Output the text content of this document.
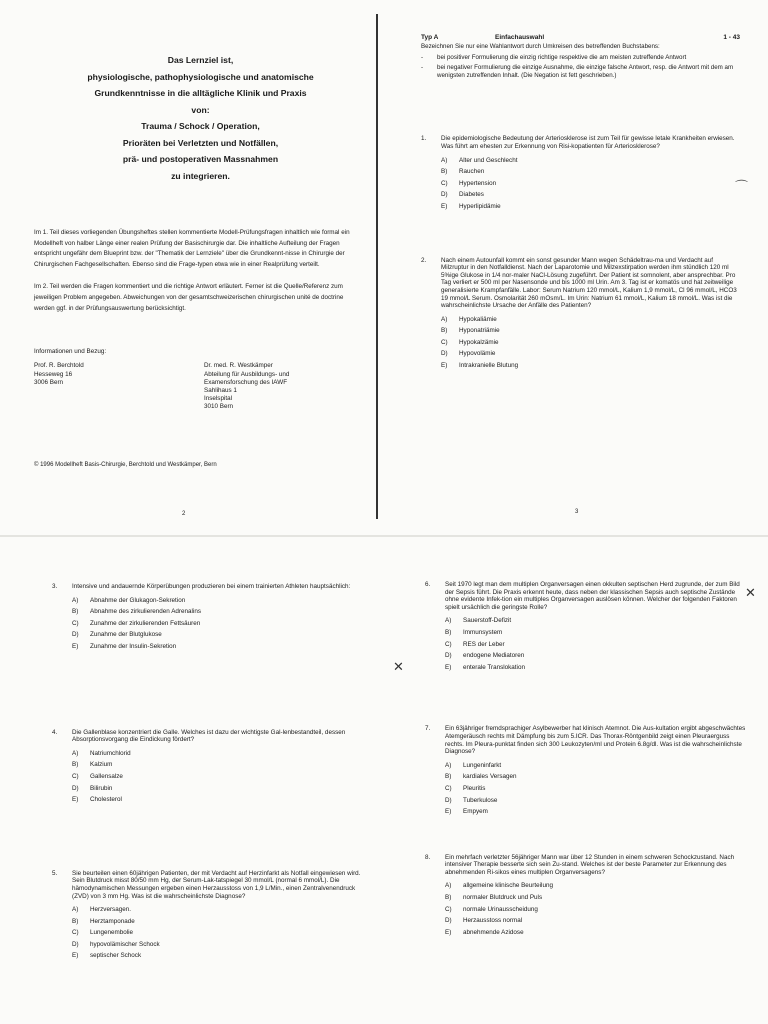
Das Lernziel ist,
physiologische, pathophysiologische und anatomische
Grundkenntnisse in die alltägliche Klinik und Praxis
von:
Trauma / Schock / Operation,
Prioräten bei Verletzten und Notfällen,
prä- und postoperativen Massnahmen
zu integrieren.

Im 1. Teil dieses vorliegenden Übungsheftes stellen kommentierte Modell-Prüfungsfragen inhaltlich wie formal ein Modellheft von halber Länge einer realen Prüfung der Basischirurgie dar. Die inhaltliche Aufteilung der Fragen entspricht ungefähr dem Blueprint bzw. der "Thematik der Lernziele" über die Grundkennt-nisse in Chirurgie der Chirurgischen Fachgesellschaften. Ebenso sind die Frage-typen etwa wie in einer Realprüfung verteilt.

Im 2. Teil werden die Fragen kommentiert und die richtige Antwort erläutert. Ferner ist die Quelle/Referenz zum jeweiligen Problem angegeben. Abweichungen von der gesamtschweizerischen chirurgischen unité de doctrine werden ggf. in der Prüfungsauswertung berücksichtigt.

Informationen und Bezug:
Prof. R. Berchtold
Hesseweg 16
3006 Bern
Dr. med. R. Westkämper
Abteilung für Ausbildungs- und
Examensforschung des IAWF
Sahlihaus 1
Inselspital
3010 Bern
© 1996 Modellheft Basis-Chirurgie, Berchtold und Westkämper, Bern
2
Typ A	Einfachauswahl	1 - 43
Bezeichnen Sie nur eine Wahlantwort durch Umkreisen des betreffenden Buchstabens:
-	bei positiver Formulierung die einzig richtige respektive die am meisten zutreffende Antwort
-	bei negativer Formulierung die einzige Ausnahme, die einzige falsche Antwort, resp. die Antwort mit dem am wenigsten zutreffenden Inhalt. (Die Negation ist fett geschrieben.)
1.	Die epidemiologische Bedeutung der Arteriosklerose ist zum Teil für gewisse letale Krankheiten erwiesen. Was führt am ehesten zur Erkennung von Risi-kopatienten für Arteriosklerose?
A)	Alter und Geschlecht
B)	Rauchen
C)	Hypertension
D)	Diabetes
E)	Hyperlipidämie
2.	Nach einem Autounfall kommt ein sonst gesunder Mann wegen Schädeltrau-ma und Verdacht auf Milzruptur in den Notfalldienst. Nach der Laparotomie und Milzexstirpation werden ihm stündlich 120 ml 5%ige Glukose in 1/4 nor-maler NaCl-Lösung zugeführt. Der Patient ist somnolent, aber ansprechbar. Pro Tag verliert er 500 ml per Nasensonde und bis 1000 ml Urin. Am 3. Tag ist er komatös und hat zeitweilige generalisierte Krampfanfälle. Labor: Serum Natrium 120 mmol/L, Kalium 1,9 mmol/L, Cl 96 mmol/L, HCO3 19 mmol/L Serum. Osmolarität 260 mOsm/L. Im Urin: Natrium 61 mmol/L, Kalium 18 mmol/L. Was ist die wahrscheinlichste Ursache der Anfälle des Patienten?
A)	Hypokaliämie
B)	Hyponatriämie
C)	Hypokalzämie
D)	Hypovolämie
E)	Intrakranielle Blutung
3
⌒
3.	Intensive und andauernde Körperübungen produzieren bei einem trainierten Athleten hauptsächlich:
A)	Abnahme der Glukagon-Sekretion
B)	Abnahme des zirkulierenden Adrenalins
C)	Zunahme der zirkulierenden Fettsäuren
D)	Zunahme der Blutglukose
E)	Zunahme der Insulin-Sekretion
4.	Die Gallenblase konzentriert die Galle. Welches ist dazu der wichtigste Gal-lenbestandteil, dessen Absorptionsvorgang die Eindickung fördert?
A)	Natriumchlorid
B)	Kalzium
C)	Gallensalze
D)	Bilirubin
E)	Cholesterol
5.	Sie beurteilen einen 60jährigen Patienten, der mit Verdacht auf Herzinfarkt als Notfall eingewiesen wird. Sein Blutdruck misst 80/50 mm Hg, der Serum-Lak-tatspiegel 30 mmol/L (normal 6 mmol/L). Die hämodynamischen Messungen ergeben einen Herzausstoss von 1,9 L/Min., einen Zentralvenendruck (ZVD) von 3 mm Hg. Was ist die wahrscheinlichste Diagnose?
A)	Herzversagen.
B)	Herztamponade
C)	Lungenembolie
D)	hypovolämischer Schock
E)	septischer Schock
6.	Seit 1970 legt man dem multiplen Organversagen einen okkulten septischen Herd zugrunde, der zum Bild der Sepsis führt. Die Praxis erkennt heute, dass neben der klassischen Sepsis auch septische Zustände ohne evidente Infek-tion ein multiples Organversagen auslösen können. Welcher der folgenden Faktoren spielt ursächlich die geringste Rolle?
A)	Sauerstoff-Defizit
B)	Immunsystem
C)	RES der Leber
D)	endogene Mediatoren
E)	enterale Translokation
7.	Ein 63jähriger fremdsprachiger Asylbewerber hat klinisch Atemnot. Die Aus-kultation ergibt abgeschwächtes Atemgeräusch rechts mit Dämpfung bis zum 5.ICR. Das Thorax-Röntgenbild zeigt einen Pleuraerguss rechts. Im Pleura-punktat finden sich 300 Leukozyten/ml und Protein 6.8g/dl. Was ist die wahrscheinlichste Diagnose?
A)	Lungeninfarkt
B)	kardiales Versagen
C)	Pleuritis
D)	Tuberkulose
E)	Empyem
8.	Ein mehrfach verletzter 56jähriger Mann war über 12 Stunden in einem schweren Schockzustand. Nach intensiver Therapie besserte sich sein Zu-stand. Welches ist der beste Parameter zur Erkennung des abnehmenden Ri-sikos eines multiplen Organversagens?
A)	allgemeine klinische Beurteilung
B)	normaler Blutdruck und Puls
C)	normale Urinausscheidung
D)	Herzausstoss normal
E)	abnehmende Azidose
✕
✕
